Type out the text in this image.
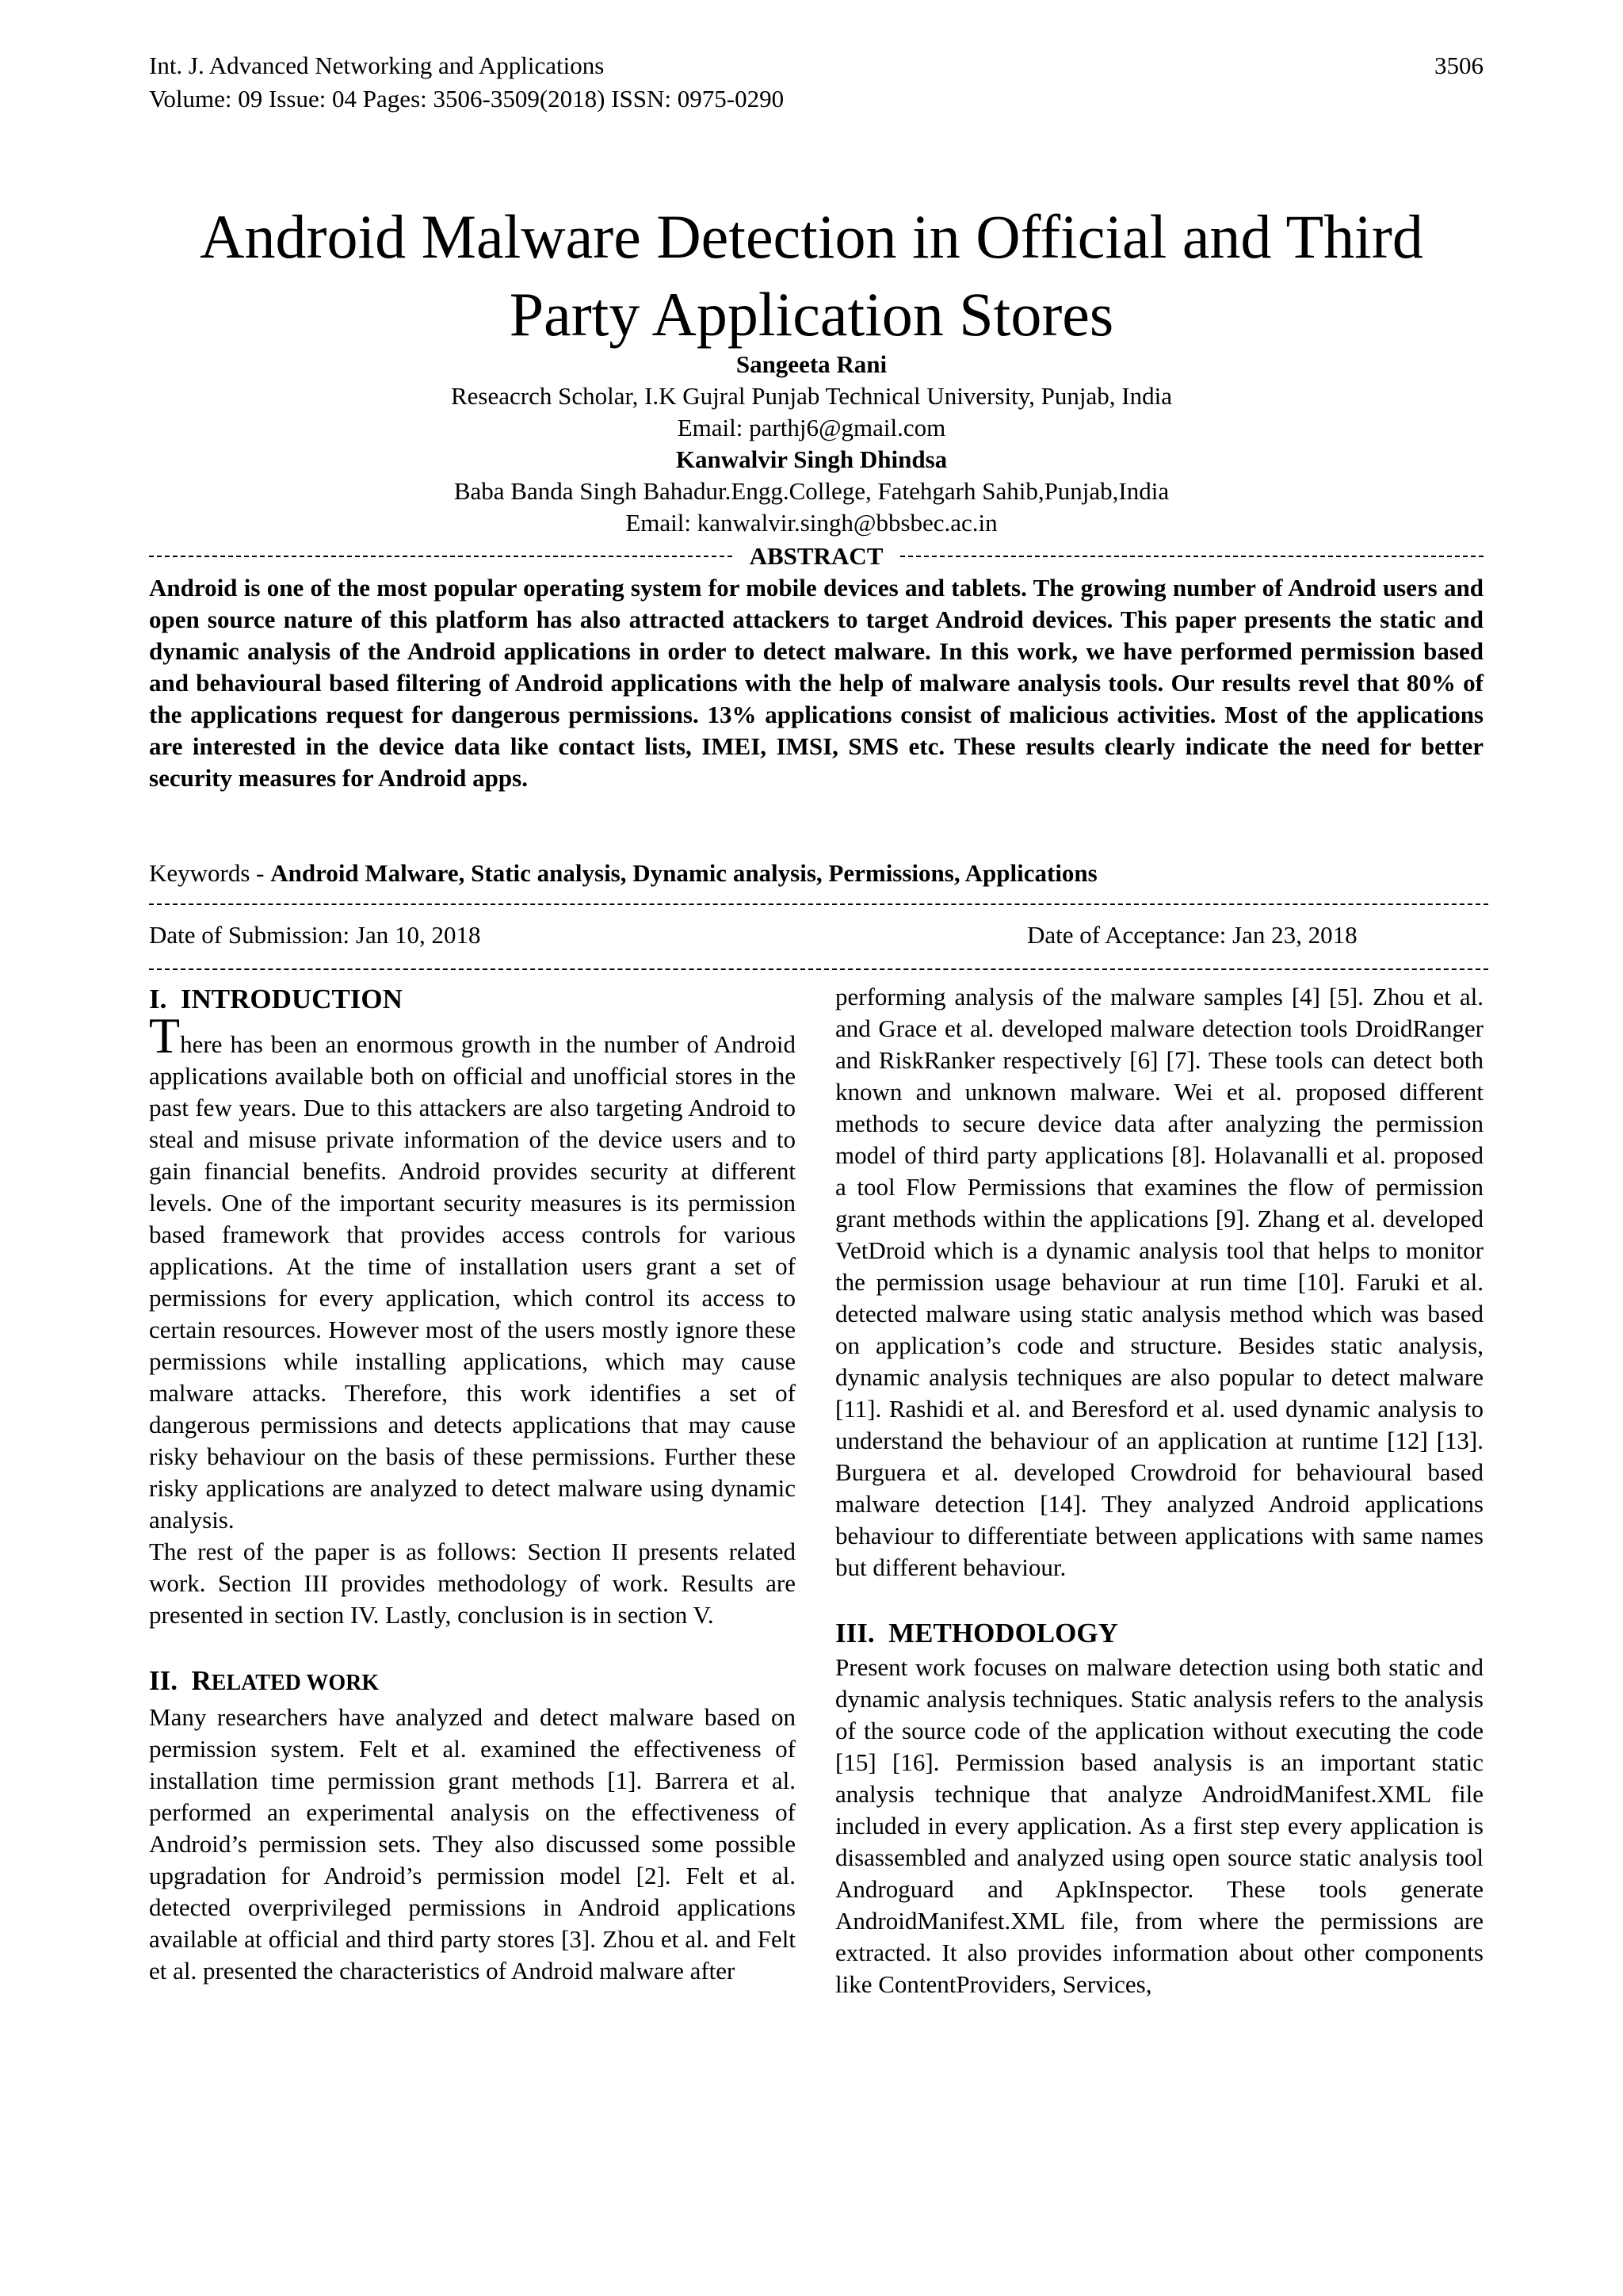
Int. J. Advanced Networking and Applications
Volume: 09 Issue: 04 Pages: 3506-3509(2018) ISSN: 0975-0290
3506
Android Malware Detection in Official and Third
Party Application Stores
Sangeeta Rani
Reseacrch Scholar, I.K Gujral Punjab Technical University, Punjab, India
Email: parthj6@gmail.com
Kanwalvir Singh Dhindsa
Baba Banda Singh Bahadur.Engg.College, Fatehgarh Sahib,Punjab,India
Email: kanwalvir.singh@bbsbec.ac.in
ABSTRACT
Android is one of the most popular operating system for mobile devices and tablets. The growing number of Android users and open source nature of this platform has also attracted attackers to target Android devices. This paper presents the static and dynamic analysis of the Android applications in order to detect malware. In this work, we have performed permission based and behavioural based filtering of Android applications with the help of malware analysis tools. Our results revel that 80% of the applications request for dangerous permissions. 13% applications consist of malicious activities. Most of the applications are interested in the device data like contact lists, IMEI, IMSI, SMS etc. These results clearly indicate the need for better security measures for Android apps.
Keywords - Android Malware, Static analysis, Dynamic analysis, Permissions, Applications
Date of Submission: Jan 10, 2018	Date of Acceptance: Jan 23, 2018
I. INTRODUCTION

There has been an enormous growth in the number of Android applications available both on official and unofficial stores in the past few years. Due to this attackers are also targeting Android to steal and misuse private information of the device users and to gain financial benefits. Android provides security at different levels. One of the important security measures is its permission based framework that provides access controls for various applications. At the time of installation users grant a set of permissions for every application, which control its access to certain resources. However most of the users mostly ignore these permissions while installing applications, which may cause malware attacks. Therefore, this work identifies a set of dangerous permissions and detects applications that may cause risky behaviour on the basis of these permissions. Further these risky applications are analyzed to detect malware using dynamic analysis.

The rest of the paper is as follows: Section II presents related work. Section III provides methodology of work. Results are presented in section IV. Lastly, conclusion is in section V.

II. RELATED WORK

Many researchers have analyzed and detect malware based on permission system. Felt et al. examined the effectiveness of installation time permission grant methods [1]. Barrera et al. performed an experimental analysis on the effectiveness of Android’s permission sets. They also discussed some possible upgradation for Android’s permission model [2]. Felt et al. detected overprivileged permissions in Android applications available at official and third party stores [3]. Zhou et al. and Felt et al. presented the characteristics of Android malware after

performing analysis of the malware samples [4] [5]. Zhou et al. and Grace et al. developed malware detection tools DroidRanger and RiskRanker respectively [6] [7]. These tools can detect both known and unknown malware. Wei et al. proposed different methods to secure device data after analyzing the permission model of third party applications [8]. Holavanalli et al. proposed a tool Flow Permissions that examines the flow of permission grant methods within the applications [9]. Zhang et al. developed VetDroid which is a dynamic analysis tool that helps to monitor the permission usage behaviour at run time [10]. Faruki et al. detected malware using static analysis method which was based on application’s code and structure. Besides static analysis, dynamic analysis techniques are also popular to detect malware [11]. Rashidi et al. and Beresford et al. used dynamic analysis to understand the behaviour of an application at runtime [12] [13]. Burguera et al. developed Crowdroid for behavioural based malware detection [14]. They analyzed Android applications behaviour to differentiate between applications with same names but different behaviour.

III. METHODOLOGY

Present work focuses on malware detection using both static and dynamic analysis techniques. Static analysis refers to the analysis of the source code of the application without executing the code [15] [16]. Permission based analysis is an important static analysis technique that analyze AndroidManifest.XML file included in every application. As a first step every application is disassembled and analyzed using open source static analysis tool Androguard and ApkInspector. These tools generate AndroidManifest.XML file, from where the permissions are extracted. It also provides information about other components like ContentProviders, Services,
